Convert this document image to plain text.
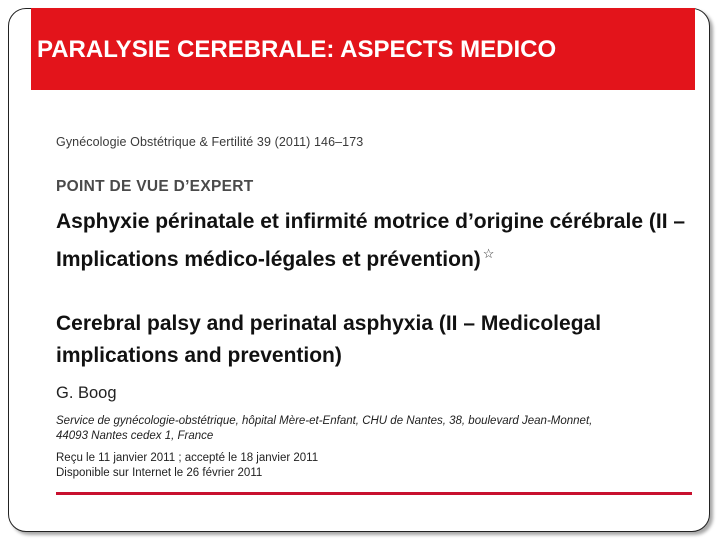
PARALYSIE CEREBRALE: ASPECTS MEDICO

-LEGAIS

Gynécologie Obstétrique & Fertilité 39 (2011) 146–173
POINT DE VUE D’EXPERT
Asphyxie périnatale et infirmité motrice d’origine cérébrale (II – Implications médico-légales et prévention) ☆
Cerebral palsy and perinatal asphyxia (II – Medicolegal implications and prevention)
G. Boog
Service de gynécologie-obstétrique, hôpital Mère-et-Enfant, CHU de Nantes, 38, boulevard Jean-Monnet, 44093 Nantes cedex 1, France
Reçu le 11 janvier 2011 ; accepté le 18 janvier 2011
Disponible sur Internet le 26 février 2011
